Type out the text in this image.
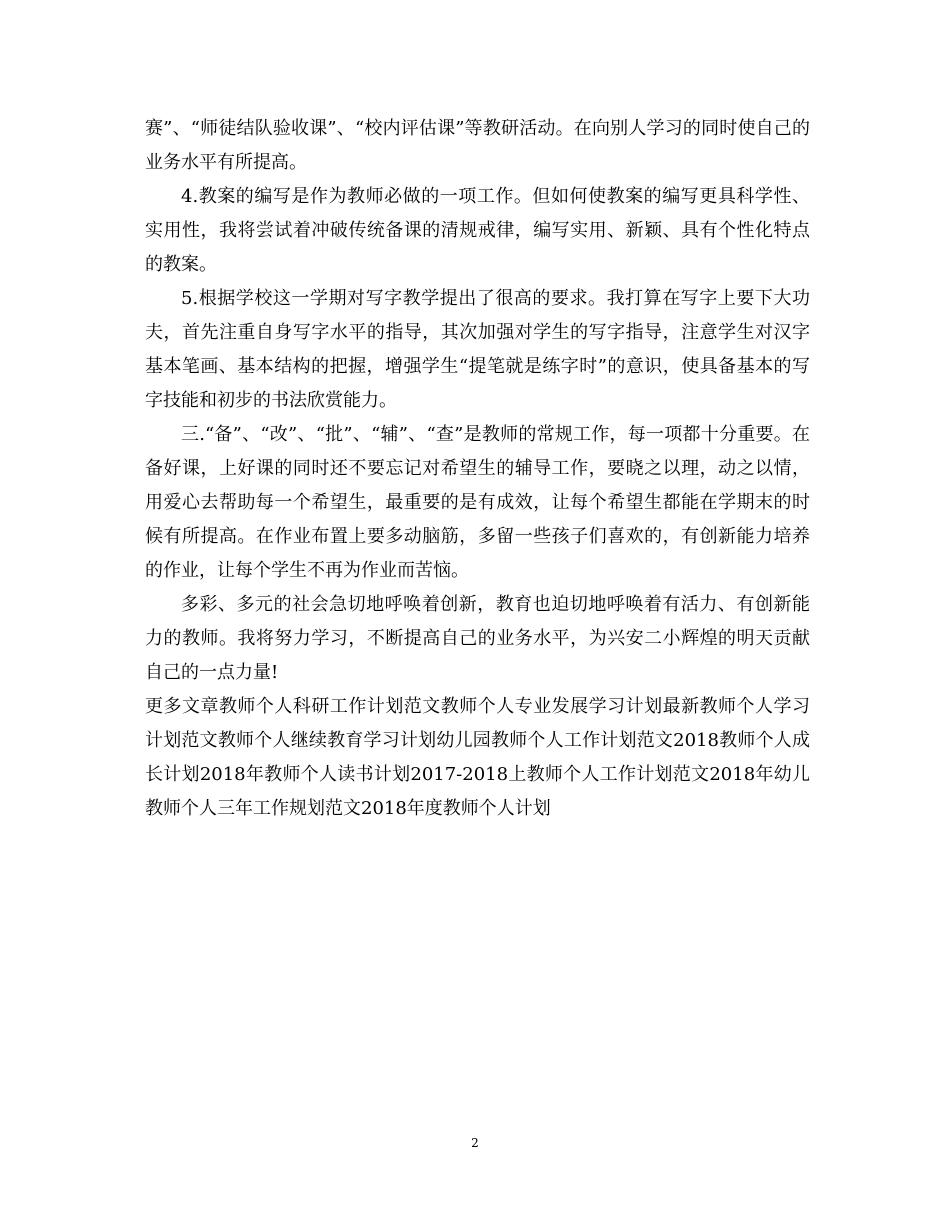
赛”、“师徒结队验收课”、“校内评估课”等教研活动。在向别人学习的同时使自己的业务水平有所提高。

4.教案的编写是作为教师必做的一项工作。但如何使教案的编写更具科学性、实用性，我将尝试着冲破传统备课的清规戒律，编写实用、新颖、具有个性化特点的教案。

5.根据学校这一学期对写字教学提出了很高的要求。我打算在写字上要下大功夫，首先注重自身写字水平的指导，其次加强对学生的写字指导，注意学生对汉字基本笔画、基本结构的把握，增强学生“提笔就是练字时”的意识，使具备基本的写字技能和初步的书法欣赏能力。

三.“备”、“改”、“批”、“辅”、“查”是教师的常规工作，每一项都十分重要。在备好课，上好课的同时还不要忘记对希望生的辅导工作，要晓之以理，动之以情，用爱心去帮助每一个希望生，最重要的是有成效，让每个希望生都能在学期末的时候有所提高。在作业布置上要多动脑筋，多留一些孩子们喜欢的，有创新能力培养的作业，让每个学生不再为作业而苦恼。

多彩、多元的社会急切地呼唤着创新，教育也迫切地呼唤着有活力、有创新能力的教师。我将努力学习，不断提高自己的业务水平，为兴安二小辉煌的明天贡献自己的一点力量!

更多文章教师个人科研工作计划范文教师个人专业发展学习计划最新教师个人学习计划范文教师个人继续教育学习计划幼儿园教师个人工作计划范文2018教师个人成长计划2018年教师个人读书计划2017-2018上教师个人工作计划范文2018年幼儿教师个人三年工作规划范文2018年度教师个人计划

2
